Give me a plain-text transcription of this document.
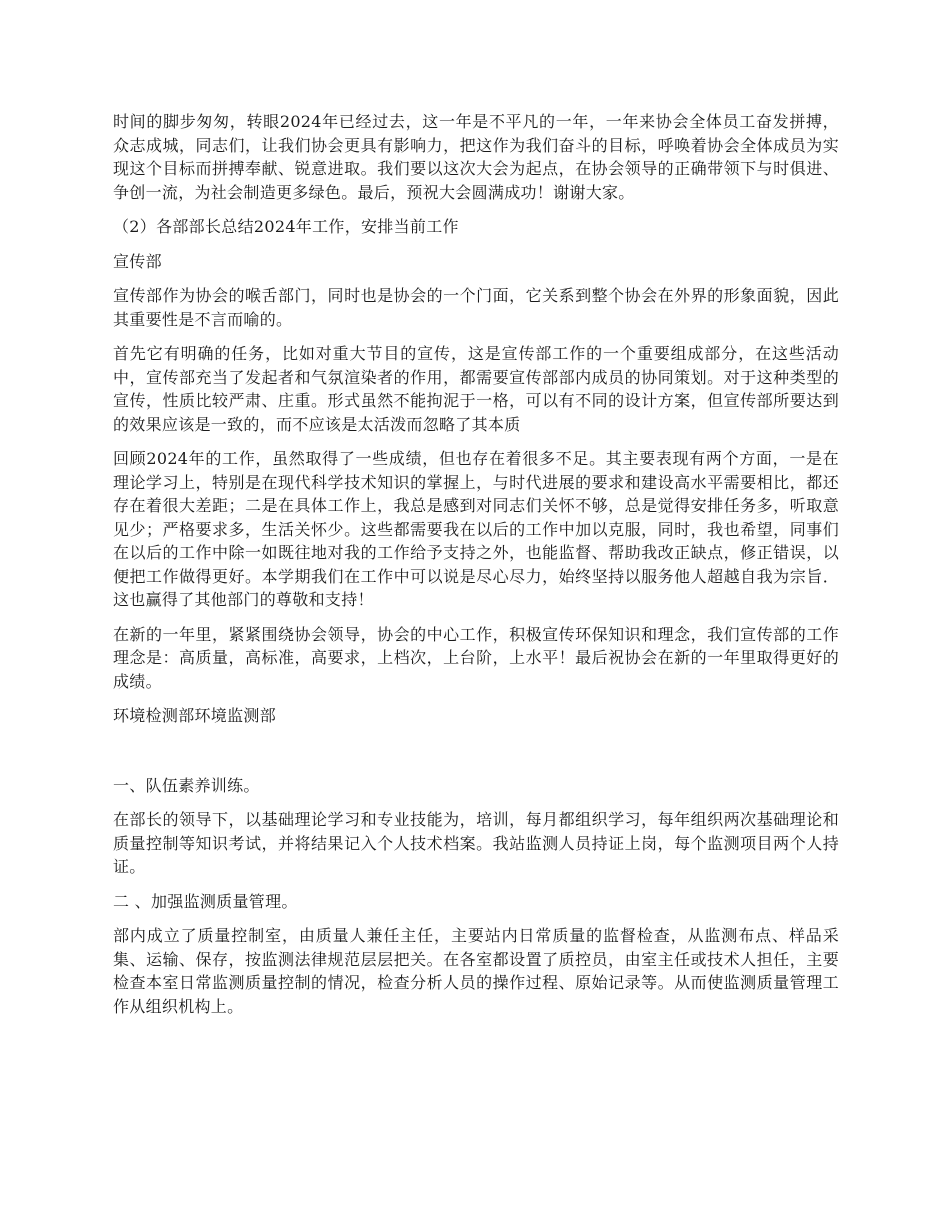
时间的脚步匆匆，转眼2024年已经过去，这一年是不平凡的一年，一年来协会全体员工奋发拼搏，众志成城，同志们，让我们协会更具有影响力，把这作为我们奋斗的目标，呼唤着协会全体成员为实现这个目标而拼搏奉献、锐意进取。我们要以这次大会为起点，在协会领导的正确带领下与时俱进、争创一流，为社会制造更多绿色。最后，预祝大会圆满成功！谢谢大家。

（2）各部部长总结2024年工作，安排当前工作

宣传部

宣传部作为协会的喉舌部门，同时也是协会的一个门面，它关系到整个协会在外界的形象面貌，因此其重要性是不言而喻的。

首先它有明确的任务，比如对重大节目的宣传，这是宣传部工作的一个重要组成部分，在这些活动中，宣传部充当了发起者和气氛渲染者的作用，都需要宣传部部内成员的协同策划。对于这种类型的宣传，性质比较严肃、庄重。形式虽然不能拘泥于一格，可以有不同的设计方案，但宣传部所要达到的效果应该是一致的，而不应该是太活泼而忽略了其本质

回顾2024年的工作，虽然取得了一些成绩，但也存在着很多不足。其主要表现有两个方面，一是在理论学习上，特别是在现代科学技术知识的掌握上，与时代进展的要求和建设高水平需要相比，都还存在着很大差距；二是在具体工作上，我总是感到对同志们关怀不够，总是觉得安排任务多，听取意见少；严格要求多，生活关怀少。这些都需要我在以后的工作中加以克服，同时，我也希望，同事们在以后的工作中除一如既往地对我的工作给予支持之外，也能监督、帮助我改正缺点，修正错误，以便把工作做得更好。本学期我们在工作中可以说是尽心尽力，始终坚持以服务他人超越自我为宗旨．这也赢得了其他部门的尊敬和支持！

在新的一年里，紧紧围绕协会领导，协会的中心工作，积极宣传环保知识和理念，我们宣传部的工作理念是：高质量，高标准，高要求，上档次，上台阶，上水平！最后祝协会在新的一年里取得更好的成绩。

环境检测部环境监测部

一、队伍素养训练。

在部长的领导下，以基础理论学习和专业技能为，培训，每月都组织学习，每年组织两次基础理论和质量控制等知识考试，并将结果记入个人技术档案。我站监测人员持证上岗，每个监测项目两个人持证。

二 、加强监测质量管理。

部内成立了质量控制室，由质量人兼任主任，主要站内日常质量的监督检查，从监测布点、样品采集、运输、保存，按监测法律规范层层把关。在各室都设置了质控员，由室主任或技术人担任，主要检查本室日常监测质量控制的情况，检查分析人员的操作过程、原始记录等。从而使监测质量管理工作从组织机构上。
